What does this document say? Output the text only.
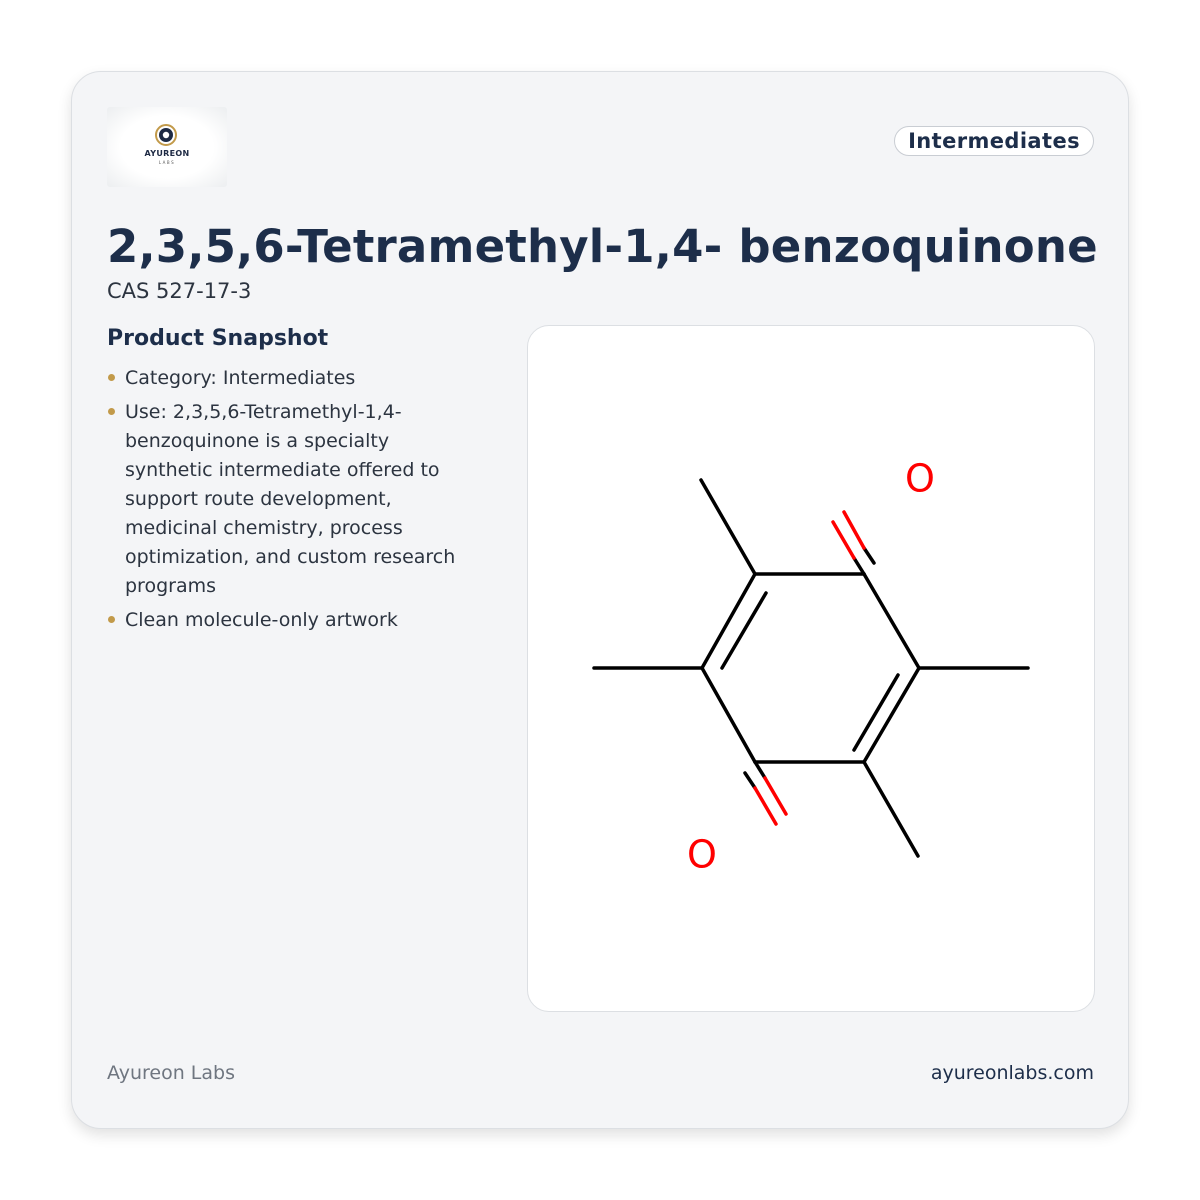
AYUREON
LABS
Intermediates
2,3,5,6-Tetramethyl-1,4- benzoquinone
CAS 527-17-3
Product Snapshot
Category: Intermediates
Use: 2,3,5,6-Tetramethyl-1,4- benzoquinone is a specialty synthetic intermediate offered to support route development, medicinal chemistry, process optimization, and custom research programs
Clean molecule-only artwork
O
O
Ayureon Labs	ayureonlabs.com
